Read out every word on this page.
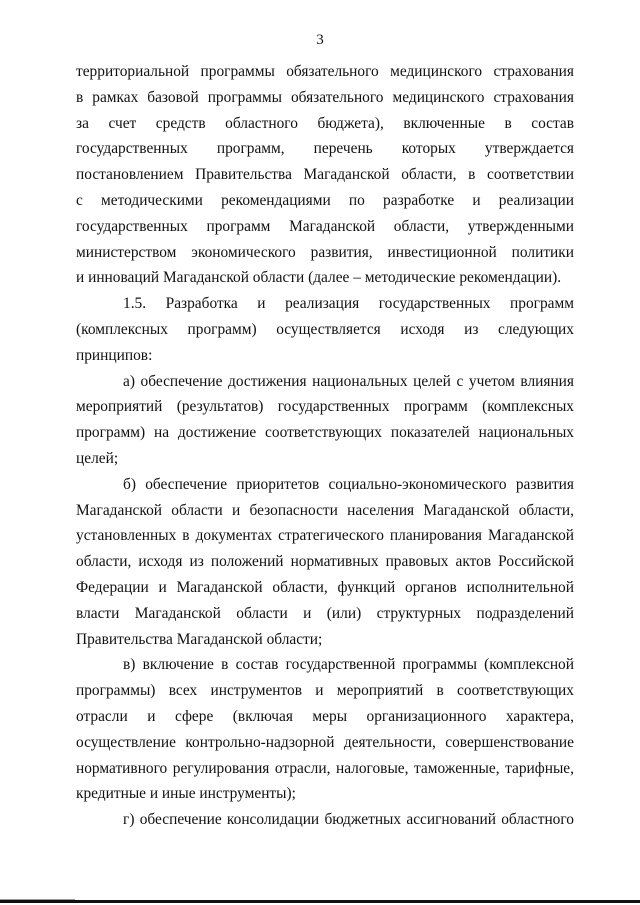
3
территориальной программы обязательного медицинского страхования
в рамках базовой программы обязательного медицинского страхования
за счет средств областного бюджета), включенные в состав
государственных программ, перечень которых утверждается
постановлением Правительства Магаданской области, в соответствии
с методическими рекомендациями по разработке и реализации
государственных программ Магаданской области, утвержденными
министерством экономического развития, инвестиционной политики
и инноваций Магаданской области (далее – методические рекомендации).
1.5. Разработка и реализация государственных программ
(комплексных программ) осуществляется исходя из следующих
принципов:
а) обеспечение достижения национальных целей с учетом влияния
мероприятий (результатов) государственных программ (комплексных
программ) на достижение соответствующих показателей национальных
целей;
б) обеспечение приоритетов социально-экономического развития
Магаданской области и безопасности населения Магаданской области,
установленных в документах стратегического планирования Магаданской
области, исходя из положений нормативных правовых актов Российской
Федерации и Магаданской области, функций органов исполнительной
власти Магаданской области и (или) структурных подразделений
Правительства Магаданской области;
в) включение в состав государственной программы (комплексной
программы) всех инструментов и мероприятий в соответствующих
отрасли и сфере (включая меры организационного характера,
осуществление контрольно-надзорной деятельности, совершенствование
нормативного регулирования отрасли, налоговые, таможенные, тарифные,
кредитные и иные инструменты);
г) обеспечение консолидации бюджетных ассигнований областного
